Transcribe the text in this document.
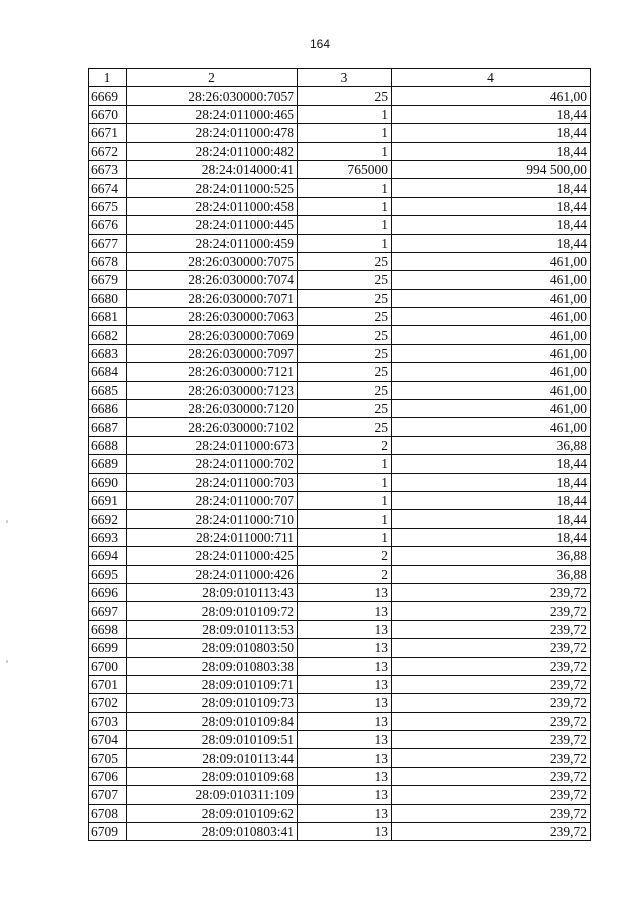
164
1	2	3	4
6669	28:26:030000:7057	25	461,00
6670	28:24:011000:465	1	18,44
6671	28:24:011000:478	1	18,44
6672	28:24:011000:482	1	18,44
6673	28:24:014000:41	765000	994 500,00
6674	28:24:011000:525	1	18,44
6675	28:24:011000:458	1	18,44
6676	28:24:011000:445	1	18,44
6677	28:24:011000:459	1	18,44
6678	28:26:030000:7075	25	461,00
6679	28:26:030000:7074	25	461,00
6680	28:26:030000:7071	25	461,00
6681	28:26:030000:7063	25	461,00
6682	28:26:030000:7069	25	461,00
6683	28:26:030000:7097	25	461,00
6684	28:26:030000:7121	25	461,00
6685	28:26:030000:7123	25	461,00
6686	28:26:030000:7120	25	461,00
6687	28:26:030000:7102	25	461,00
6688	28:24:011000:673	2	36,88
6689	28:24:011000:702	1	18,44
6690	28:24:011000:703	1	18,44
6691	28:24:011000:707	1	18,44
6692	28:24:011000:710	1	18,44
6693	28:24:011000:711	1	18,44
6694	28:24:011000:425	2	36,88
6695	28:24:011000:426	2	36,88
6696	28:09:010113:43	13	239,72
6697	28:09:010109:72	13	239,72
6698	28:09:010113:53	13	239,72
6699	28:09:010803:50	13	239,72
6700	28:09:010803:38	13	239,72
6701	28:09:010109:71	13	239,72
6702	28:09:010109:73	13	239,72
6703	28:09:010109:84	13	239,72
6704	28:09:010109:51	13	239,72
6705	28:09:010113:44	13	239,72
6706	28:09:010109:68	13	239,72
6707	28:09:010311:109	13	239,72
6708	28:09:010109:62	13	239,72
6709	28:09:010803:41	13	239,72
